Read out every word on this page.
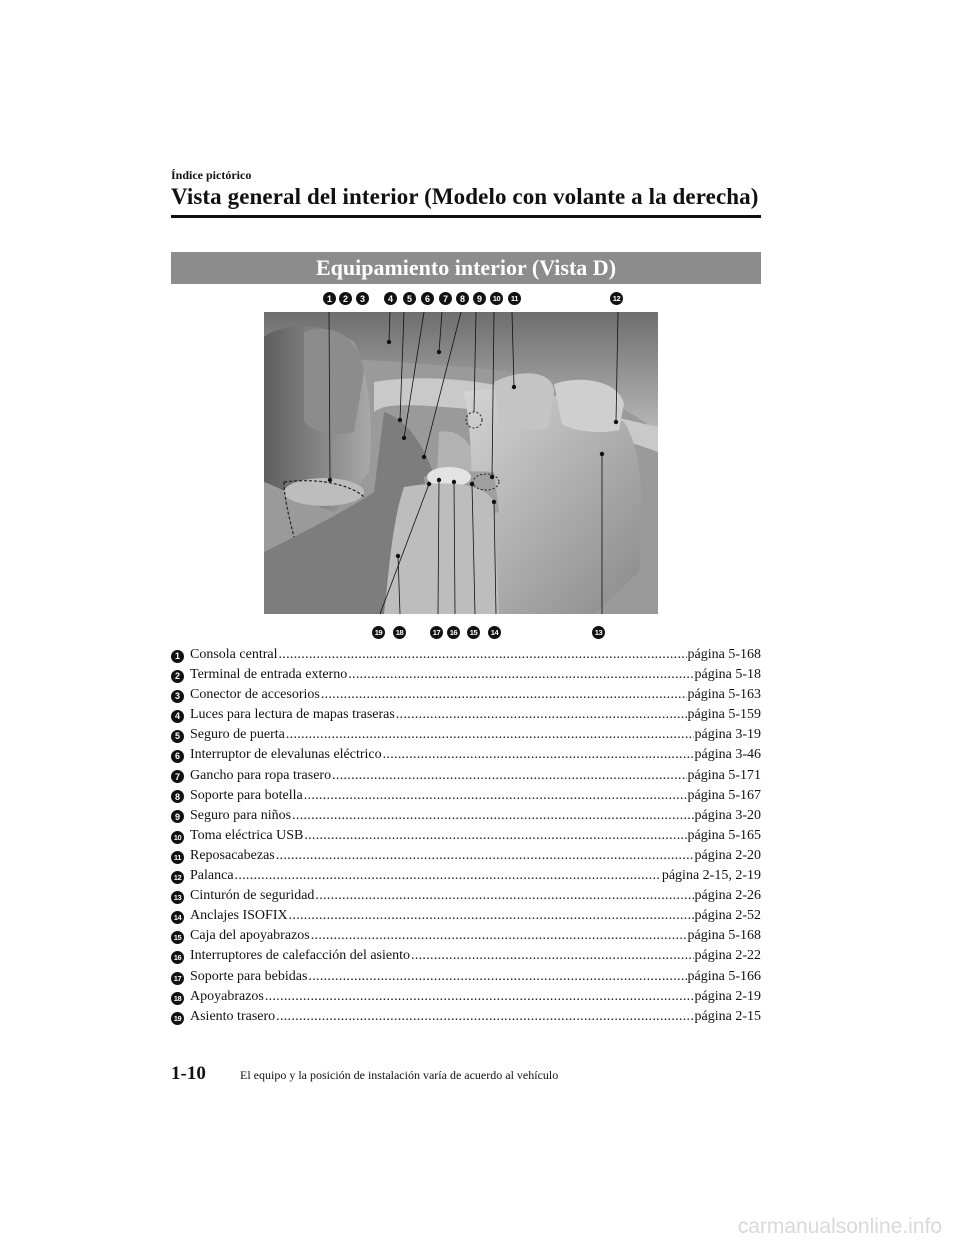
Índice pictórico
Vista general del interior (Modelo con volante a la derecha)
Equipamiento interior (Vista D)
1	2	3	4	5	6	7	8	9	10	11	12
19	18	17	16	15	14	13
1 Consola central .....	página 5-168
2 Terminal de entrada externo .....	página 5-18
3 Conector de accesorios .....	página 5-163
4 Luces para lectura de mapas traseras .....	página 5-159
5 Seguro de puerta .....	página 3-19
6 Interruptor de elevalunas eléctrico .....	página 3-46
7 Gancho para ropa trasero .....	página 5-171
8 Soporte para botella .....	página 5-167
9 Seguro para niños .....	página 3-20
10 Toma eléctrica USB .....	página 5-165
11 Reposacabezas .....	página 2-20
12 Palanca .....	página 2-15, 2-19
13 Cinturón de seguridad .....	página 2-26
14 Anclajes ISOFIX .....	página 2-52
15 Caja del apoyabrazos .....	página 5-168
16 Interruptores de calefacción del asiento .....	página 2-22
17 Soporte para bebidas .....	página 5-166
18 Apoyabrazos .....	página 2-19
19 Asiento trasero .....	página 2-15
1-10	El equipo y la posición de instalación varía de acuerdo al vehículo
carmanualsonline.info
